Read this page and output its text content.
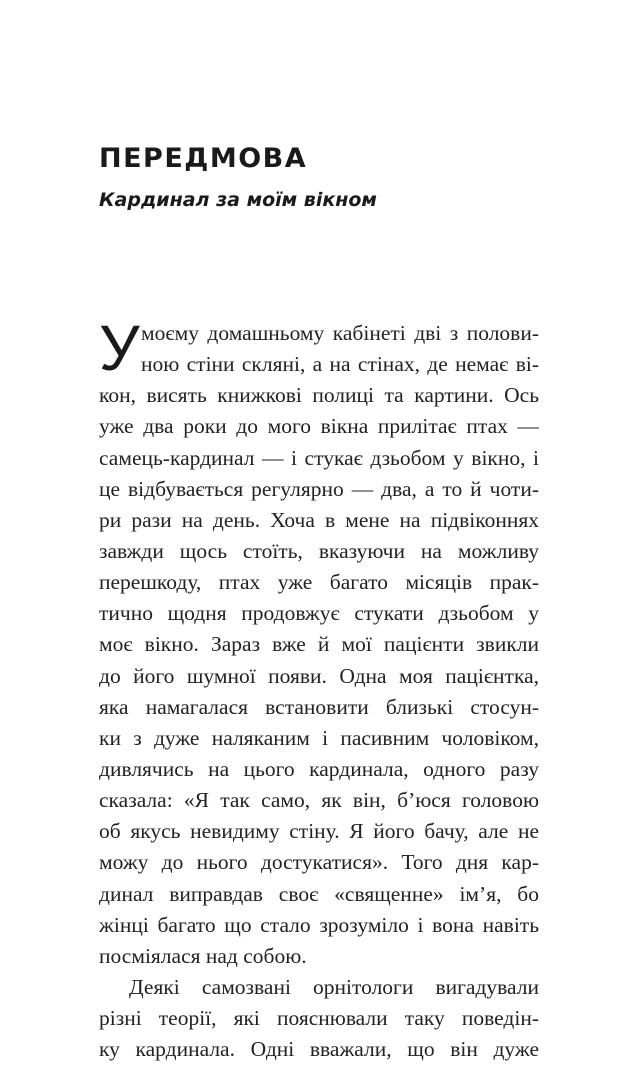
ПЕРЕДМОВА
Кардинал за моїм вікном
У моєму домашньому кабінеті дві з полови-
ною стіни скляні, а на стінах, де немає ві-
кон, висять книжкові полиці та картини. Ось
уже два роки до мого вікна прилітає птах —
самець-кардинал — і стукає дзьобом у вікно, і
це відбувається регулярно — два, а то й чоти-
ри рази на день. Хоча в мене на підвіконнях
завжди щось стоїть, вказуючи на можливу
перешкоду, птах уже багато місяців прак-
тично щодня продовжує стукати дзьобом у
моє вікно. Зараз вже й мої пацієнти звикли
до його шумної появи. Одна моя пацієнтка,
яка намагалася встановити близькі стосун-
ки з дуже наляканим і пасивним чоловіком,
дивлячись на цього кардинала, одного разу
сказала: «Я так само, як він, б’юся головою
об якусь невидиму стіну. Я його бачу, але не
можу до нього достукатися». Того дня кар-
динал виправдав своє «священне» ім’я, бо
жінці багато що стало зрозуміло і вона навіть
посміялася над собою.
Деякі самозвані орнітологи вигадували
різні теорії, які пояснювали таку поведін-
ку кардинала. Одні вважали, що він дуже
